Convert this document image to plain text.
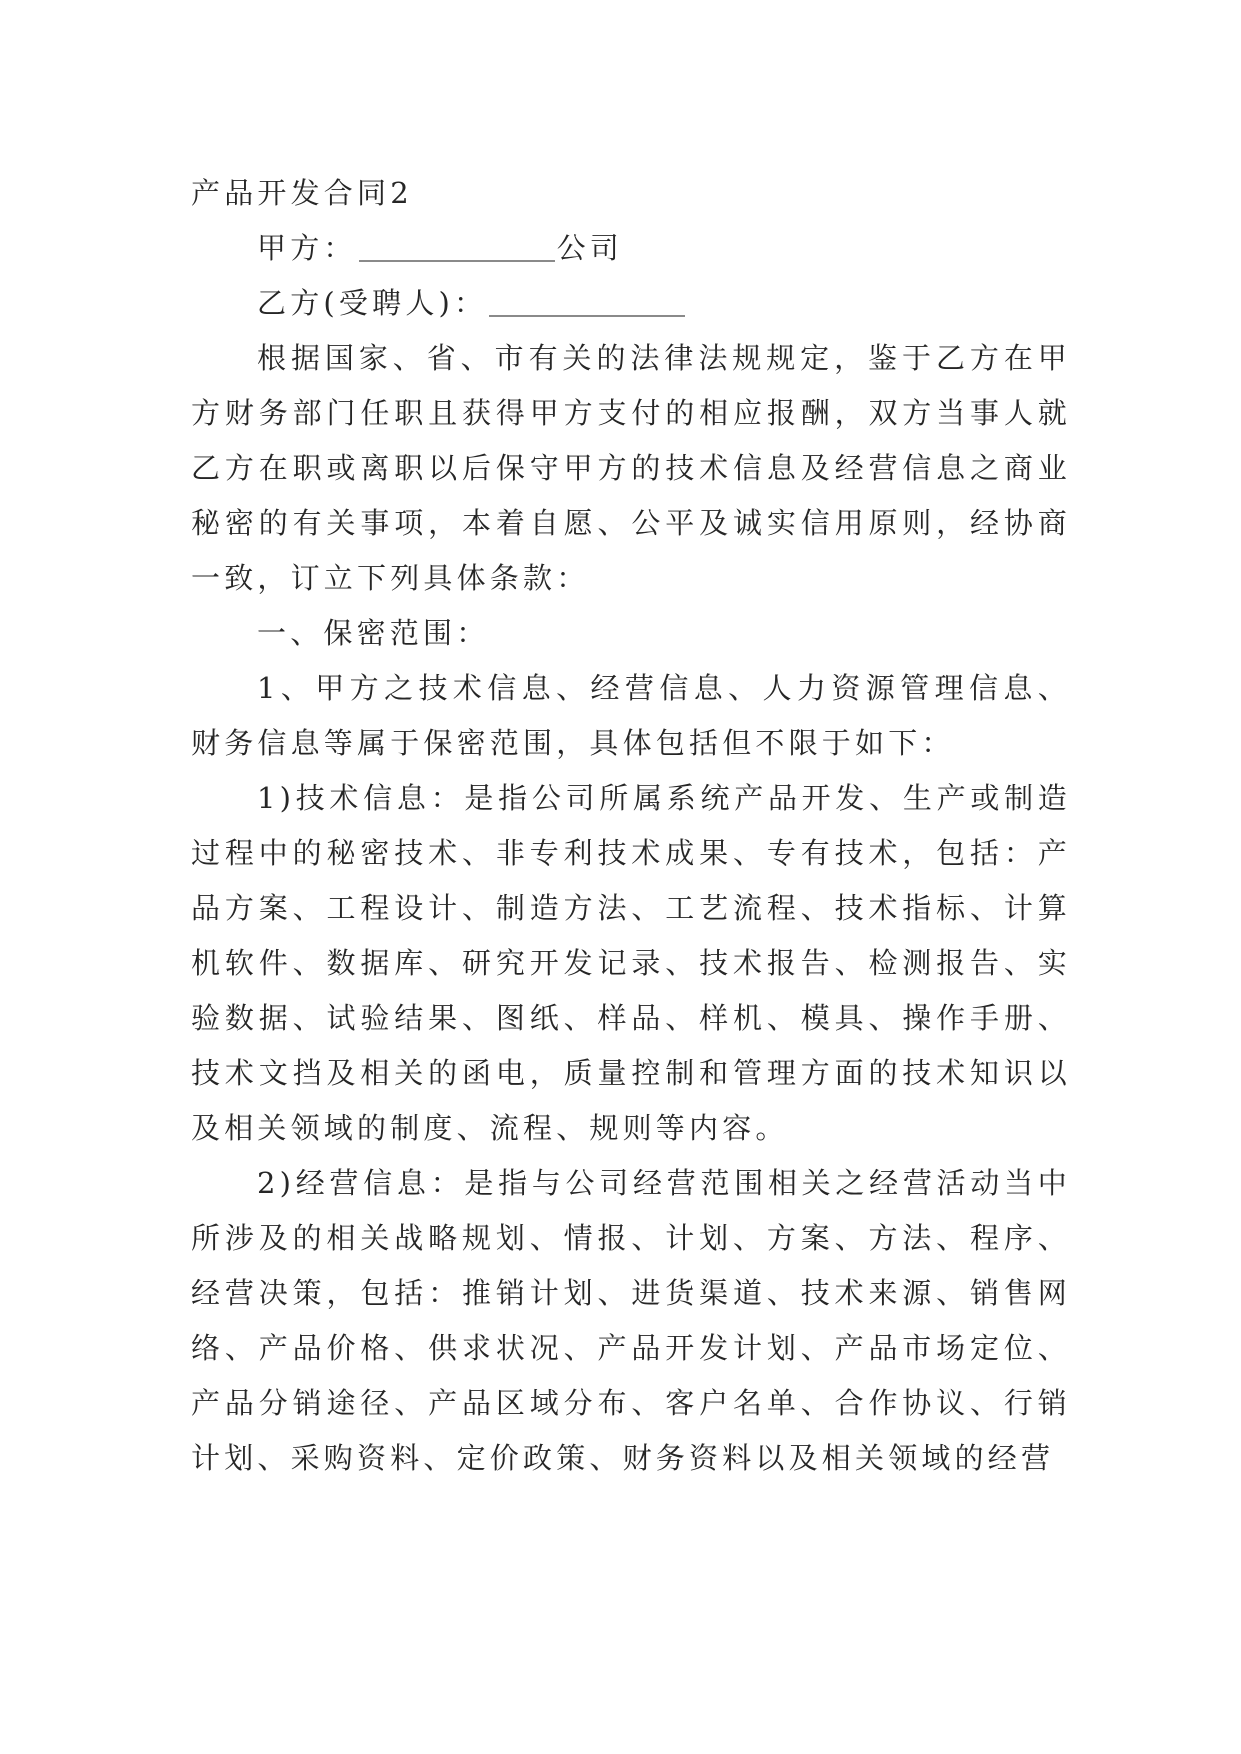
产品开发合同2

甲方：	公司

乙方(受聘人)：

根据国家、省、市有关的法律法规规定，鉴于乙方在甲方财务部门任职且获得甲方支付的相应报酬，双方当事人就乙方在职或离职以后保守甲方的技术信息及经营信息之商业秘密的有关事项，本着自愿、公平及诚实信用原则，经协商一致，订立下列具体条款：

一、保密范围：

1、甲方之技术信息、经营信息、人力资源管理信息、财务信息等属于保密范围，具体包括但不限于如下：

1)技术信息：是指公司所属系统产品开发、生产或制造过程中的秘密技术、非专利技术成果、专有技术，包括：产品方案、工程设计、制造方法、工艺流程、技术指标、计算机软件、数据库、研究开发记录、技术报告、检测报告、实验数据、试验结果、图纸、样品、样机、模具、操作手册、技术文挡及相关的函电，质量控制和管理方面的技术知识以及相关领域的制度、流程、规则等内容。

2)经营信息：是指与公司经营范围相关之经营活动当中所涉及的相关战略规划、情报、计划、方案、方法、程序、经营决策，包括：推销计划、进货渠道、技术来源、销售网络、产品价格、供求状况、产品开发计划、产品市场定位、产品分销途径、产品区域分布、客户名单、合作协议、行销计划、采购资料、定价政策、财务资料以及相关领域的经营
